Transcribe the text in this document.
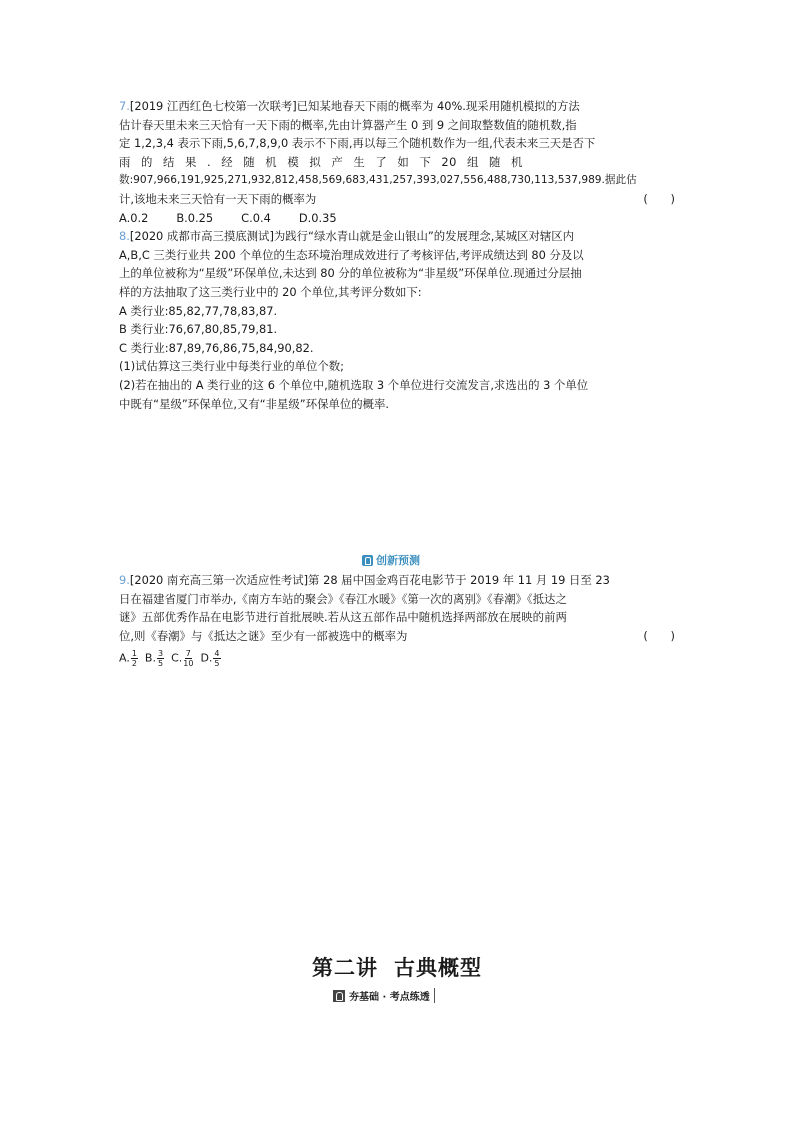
7. [2019 江西红色七校第一次联考]已知某地春天下雨的概率为 40%.现采用随机模拟的方法
估计春天里未来三天恰有一天下雨的概率,先由计算器产生 0 到 9 之间取整数值的随机数,指
定 1,2,3,4 表示下雨,5,6,7,8,9,0 表示不下雨,再以每三个随机数作为一组,代表未来三天是否下
雨 的 结 果 . 经 随 机 模 拟 产 生 了 如 下 20 组 随 机
数:907,966,191,925,271,932,812,458,569,683,431,257,393,027,556,488,730,113,537,989.据此估
计,该地未来三天恰有一天下雨的概率为	(　　)
A.0.2 B.0.25 C.0.4 D.0.35
8. [2020 成都市高三摸底测试]为践行“绿水青山就是金山银山”的发展理念,某城区对辖区内
A,B,C 三类行业共 200 个单位的生态环境治理成效进行了考核评估,考评成绩达到 80 分及以
上的单位被称为“星级”环保单位,未达到 80 分的单位被称为“非星级”环保单位.现通过分层抽
样的方法抽取了这三类行业中的 20 个单位,其考评分数如下:
A 类行业:85,82,77,78,83,87.
B 类行业:76,67,80,85,79,81.
C 类行业:87,89,76,86,75,84,90,82.
(1)试估算这三类行业中每类行业的单位个数;
(2)若在抽出的 A 类行业的这 6 个单位中,随机选取 3 个单位进行交流发言,求选出的 3 个单位
中既有“星级”环保单位,又有“非星级”环保单位的概率.
创新预测
9. [2020 南充高三第一次适应性考试]第 28 届中国金鸡百花电影节于 2019 年 11 月 19 日至 23
日在福建省厦门市举办,《南方车站的聚会》《春江水暖》《第一次的离别》《春潮》《抵达之
谜》五部优秀作品在电影节进行首批展映.若从这五部作品中随机选择两部放在展映的前两
位,则《春潮》与《抵达之谜》至少有一部被选中的概率为	(　　)
A. $\frac{1}{2} B$. $\frac{3}{5} C$. $\frac{7}{10} D$. $\frac{4}{5}$
第二讲 古典概型
夯基础 · 考点练透
